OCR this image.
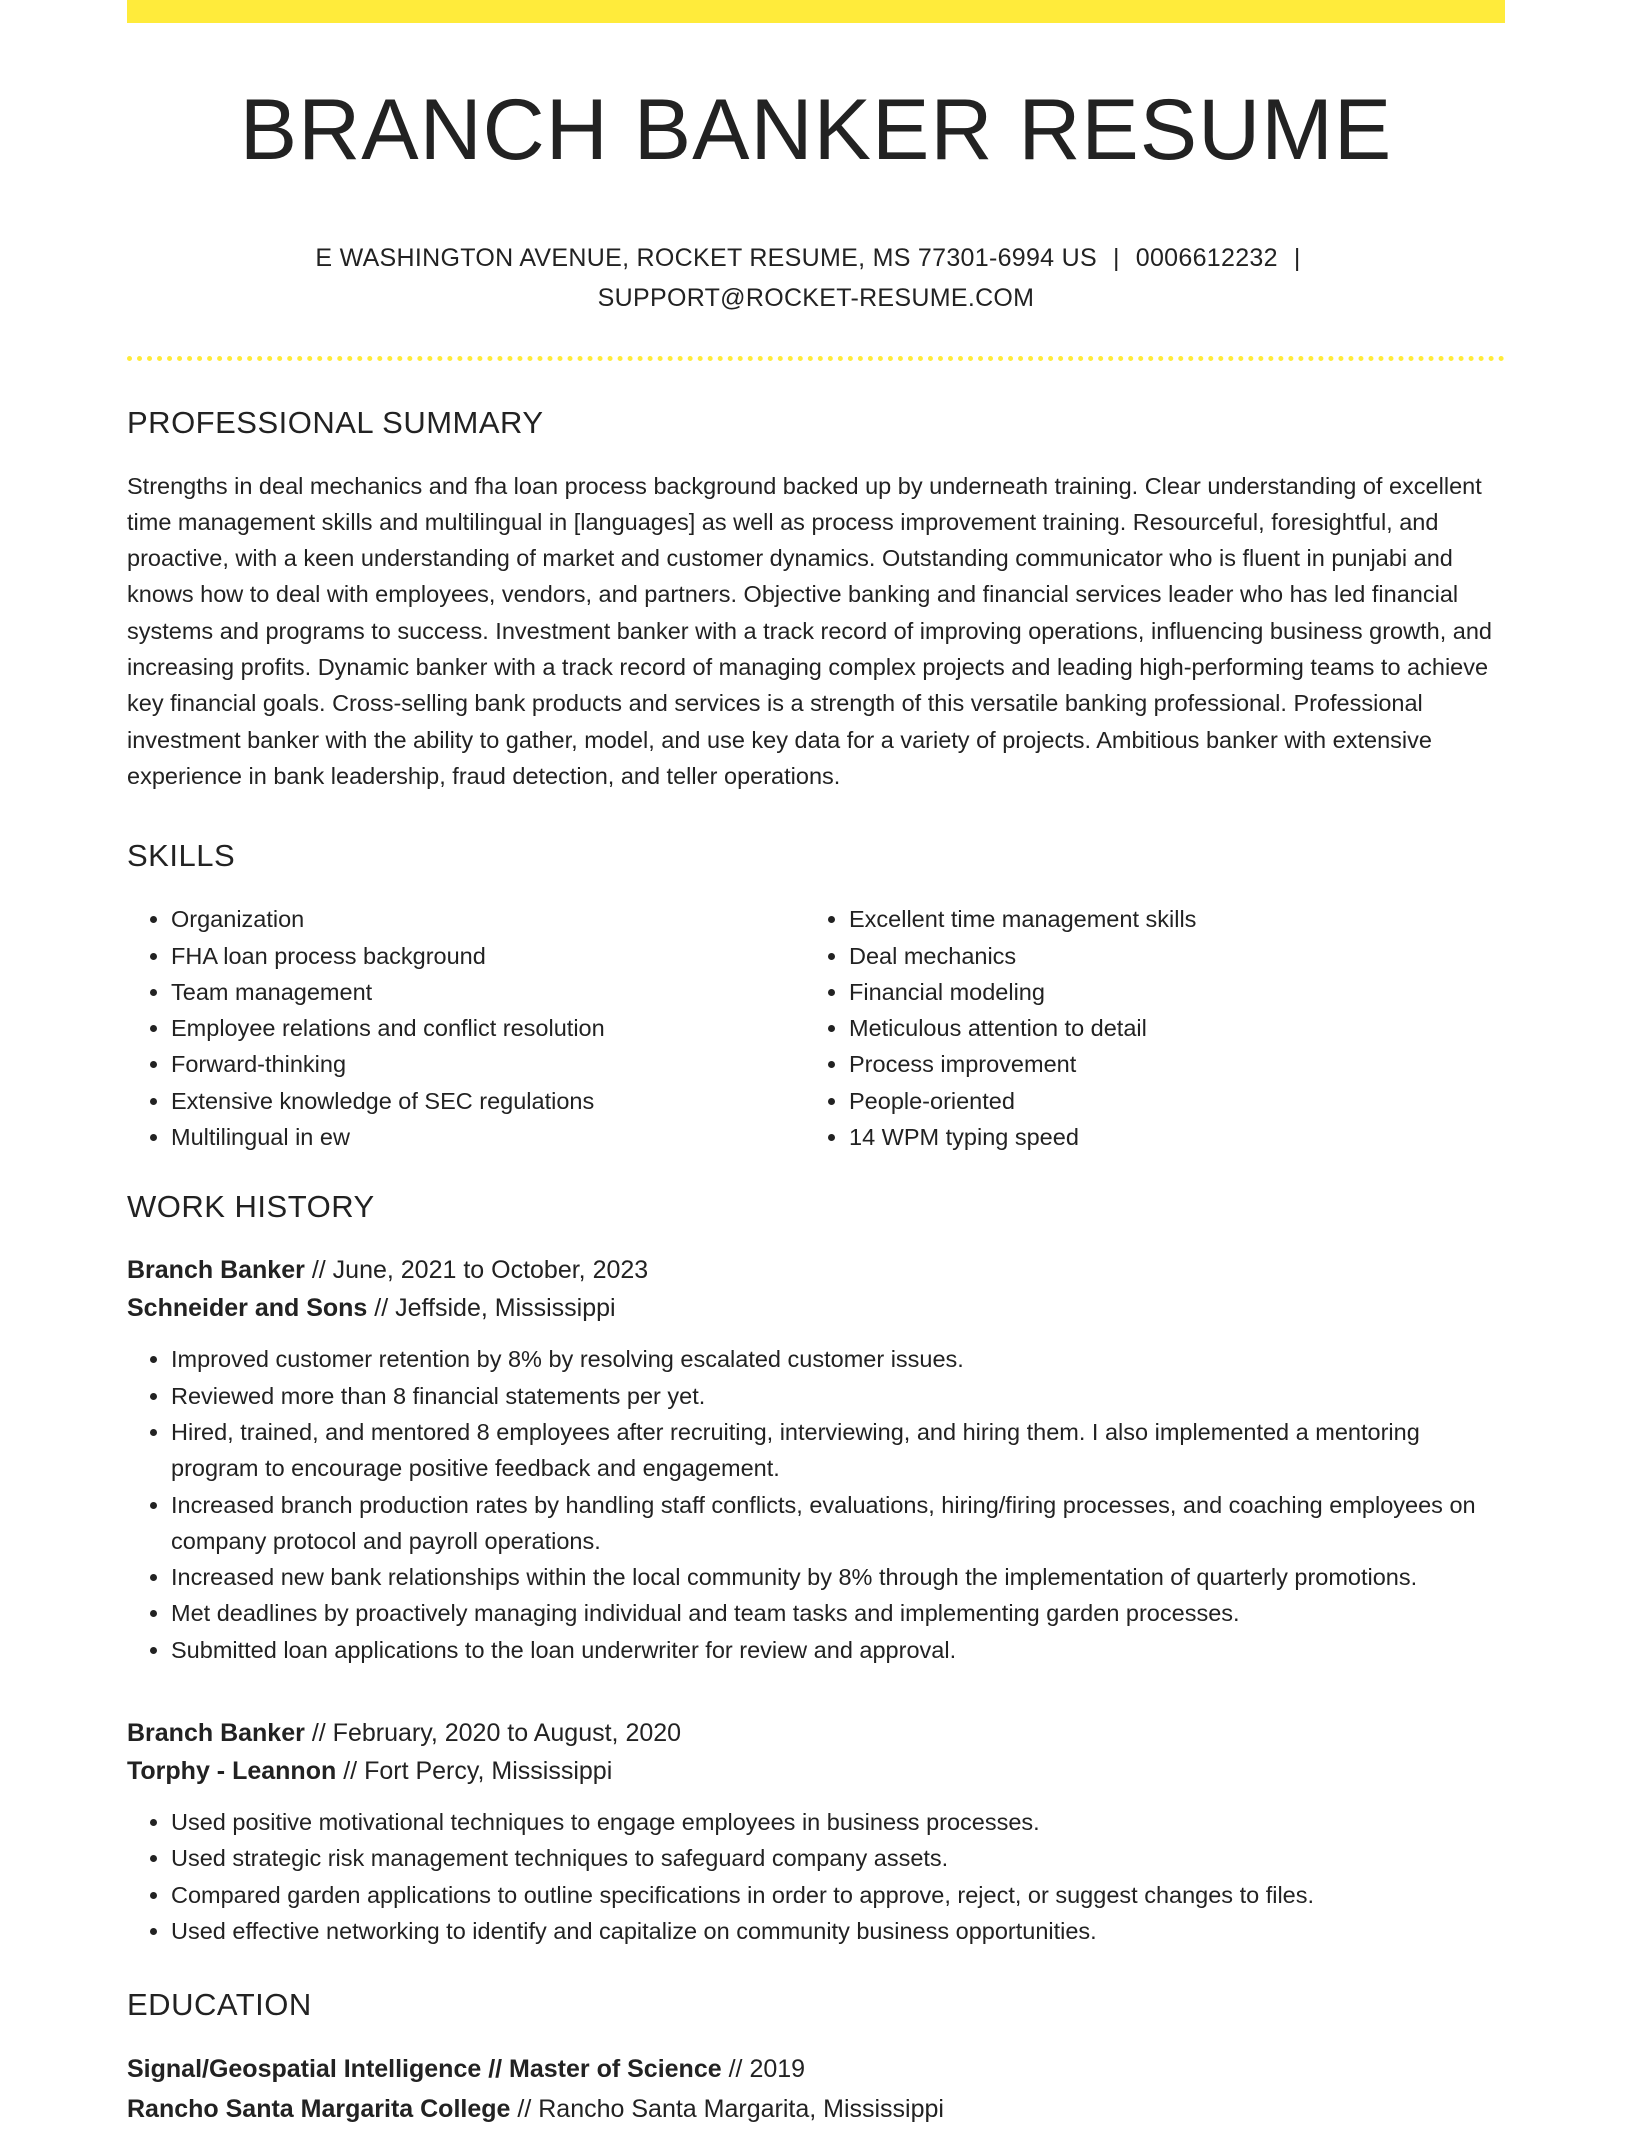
BRANCH BANKER RESUME
E WASHINGTON AVENUE, ROCKET RESUME, MS 77301-6994 US | 0006612232 |
SUPPORT@ROCKET-RESUME.COM
PROFESSIONAL SUMMARY
Strengths in deal mechanics and fha loan process background backed up by underneath training. Clear understanding of excellent time management skills and multilingual in [languages] as well as process improvement training. Resourceful, foresightful, and proactive, with a keen understanding of market and customer dynamics. Outstanding communicator who is fluent in punjabi and knows how to deal with employees, vendors, and partners. Objective banking and financial services leader who has led financial systems and programs to success. Investment banker with a track record of improving operations, influencing business growth, and increasing profits. Dynamic banker with a track record of managing complex projects and leading high-performing teams to achieve key financial goals. Cross-selling bank products and services is a strength of this versatile banking professional. Professional investment banker with the ability to gather, model, and use key data for a variety of projects. Ambitious banker with extensive experience in bank leadership, fraud detection, and teller operations.
SKILLS
• Organization
• FHA loan process background
• Team management
• Employee relations and conflict resolution
• Forward-thinking
• Extensive knowledge of SEC regulations
• Multilingual in ew
• Excellent time management skills
• Deal mechanics
• Financial modeling
• Meticulous attention to detail
• Process improvement
• People-oriented
• 14 WPM typing speed
WORK HISTORY
Branch Banker // June, 2021 to October, 2023
Schneider and Sons // Jeffside, Mississippi
• Improved customer retention by 8% by resolving escalated customer issues.
• Reviewed more than 8 financial statements per yet.
• Hired, trained, and mentored 8 employees after recruiting, interviewing, and hiring them. I also implemented a mentoring program to encourage positive feedback and engagement.
• Increased branch production rates by handling staff conflicts, evaluations, hiring/firing processes, and coaching employees on company protocol and payroll operations.
• Increased new bank relationships within the local community by 8% through the implementation of quarterly promotions.
• Met deadlines by proactively managing individual and team tasks and implementing garden processes.
• Submitted loan applications to the loan underwriter for review and approval.
Branch Banker // February, 2020 to August, 2020
Torphy - Leannon // Fort Percy, Mississippi
• Used positive motivational techniques to engage employees in business processes.
• Used strategic risk management techniques to safeguard company assets.
• Compared garden applications to outline specifications in order to approve, reject, or suggest changes to files.
• Used effective networking to identify and capitalize on community business opportunities.
EDUCATION
Signal/Geospatial Intelligence // Master of Science // 2019
Rancho Santa Margarita College // Rancho Santa Margarita, Mississippi
